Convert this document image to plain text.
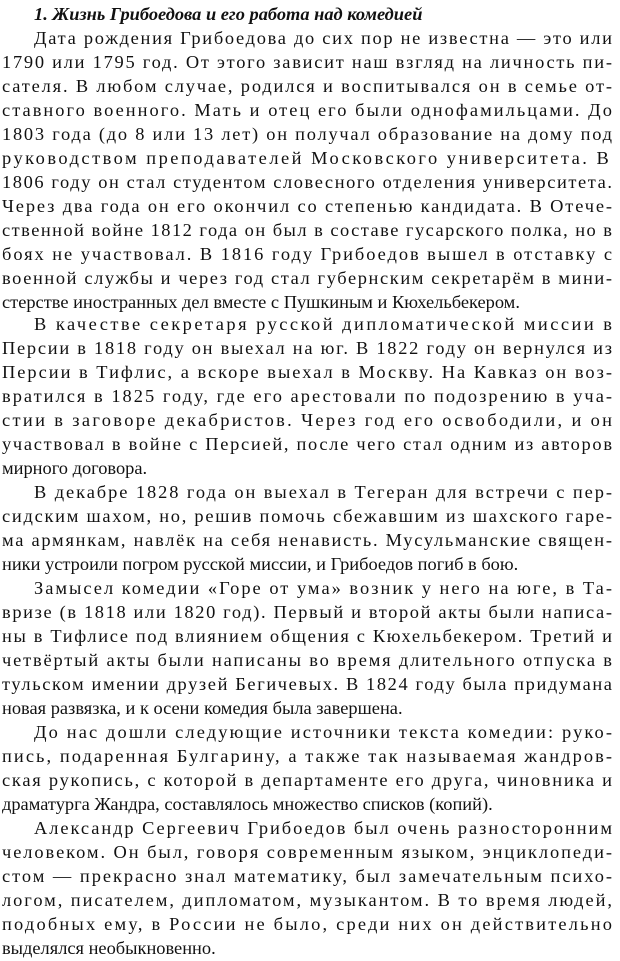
1. Жизнь Грибоедова и его работа над комедией
Дата рождения Грибоедова до сих пор не известна — это или
1790 или 1795 год. От этого зависит наш взгляд на личность пи-
сателя. В любом случае, родился и воспитывался он в семье от-
ставного военного. Мать и отец его были однофамильцами. До
1803 года (до 8 или 13 лет) он получал образование на дому под
руководством преподавателей Московского университета. В
1806 году он стал студентом словесного отделения университета.
Через два года он его окончил со степенью кандидата. В Отече-
ственной войне 1812 года он был в составе гусарского полка, но в
боях не участвовал. В 1816 году Грибоедов вышел в отставку с
военной службы и через год стал губернским секретарём в мини-
стерстве иностранных дел вместе с Пушкиным и Кюхельбекером.
В качестве секретаря русской дипломатической миссии в
Персии в 1818 году он выехал на юг. В 1822 году он вернулся из
Персии в Тифлис, а вскоре выехал в Москву. На Кавказ он воз-
вратился в 1825 году, где его арестовали по подозрению в уча-
стии в заговоре декабристов. Через год его освободили, и он
участвовал в войне с Персией, после чего стал одним из авторов
мирного договора.
В декабре 1828 года он выехал в Тегеран для встречи с пер-
сидским шахом, но, решив помочь сбежавшим из шахского гаре-
ма армянкам, навлёк на себя ненависть. Мусульманские священ-
ники устроили погром русской миссии, и Грибоедов погиб в бою.
Замысел комедии «Горе от ума» возник у него на юге, в Та-
вризе (в 1818 или 1820 год). Первый и второй акты были написа-
ны в Тифлисе под влиянием общения с Кюхельбекером. Третий и
четвёртый акты были написаны во время длительного отпуска в
тульском имении друзей Бегичевых. В 1824 году была придумана
новая развязка, и к осени комедия была завершена.
До нас дошли следующие источники текста комедии: руко-
пись, подаренная Булгарину, а также так называемая жандров-
ская рукопись, с которой в департаменте его друга, чиновника и
драматурга Жандра, составлялось множество списков (копий).
Александр Сергеевич Грибоедов был очень разносторонним
человеком. Он был, говоря современным языком, энциклопеди-
стом — прекрасно знал математику, был замечательным психо-
логом, писателем, дипломатом, музыкантом. В то время людей,
подобных ему, в России не было, среди них он действительно
выделялся необыкновенно.
